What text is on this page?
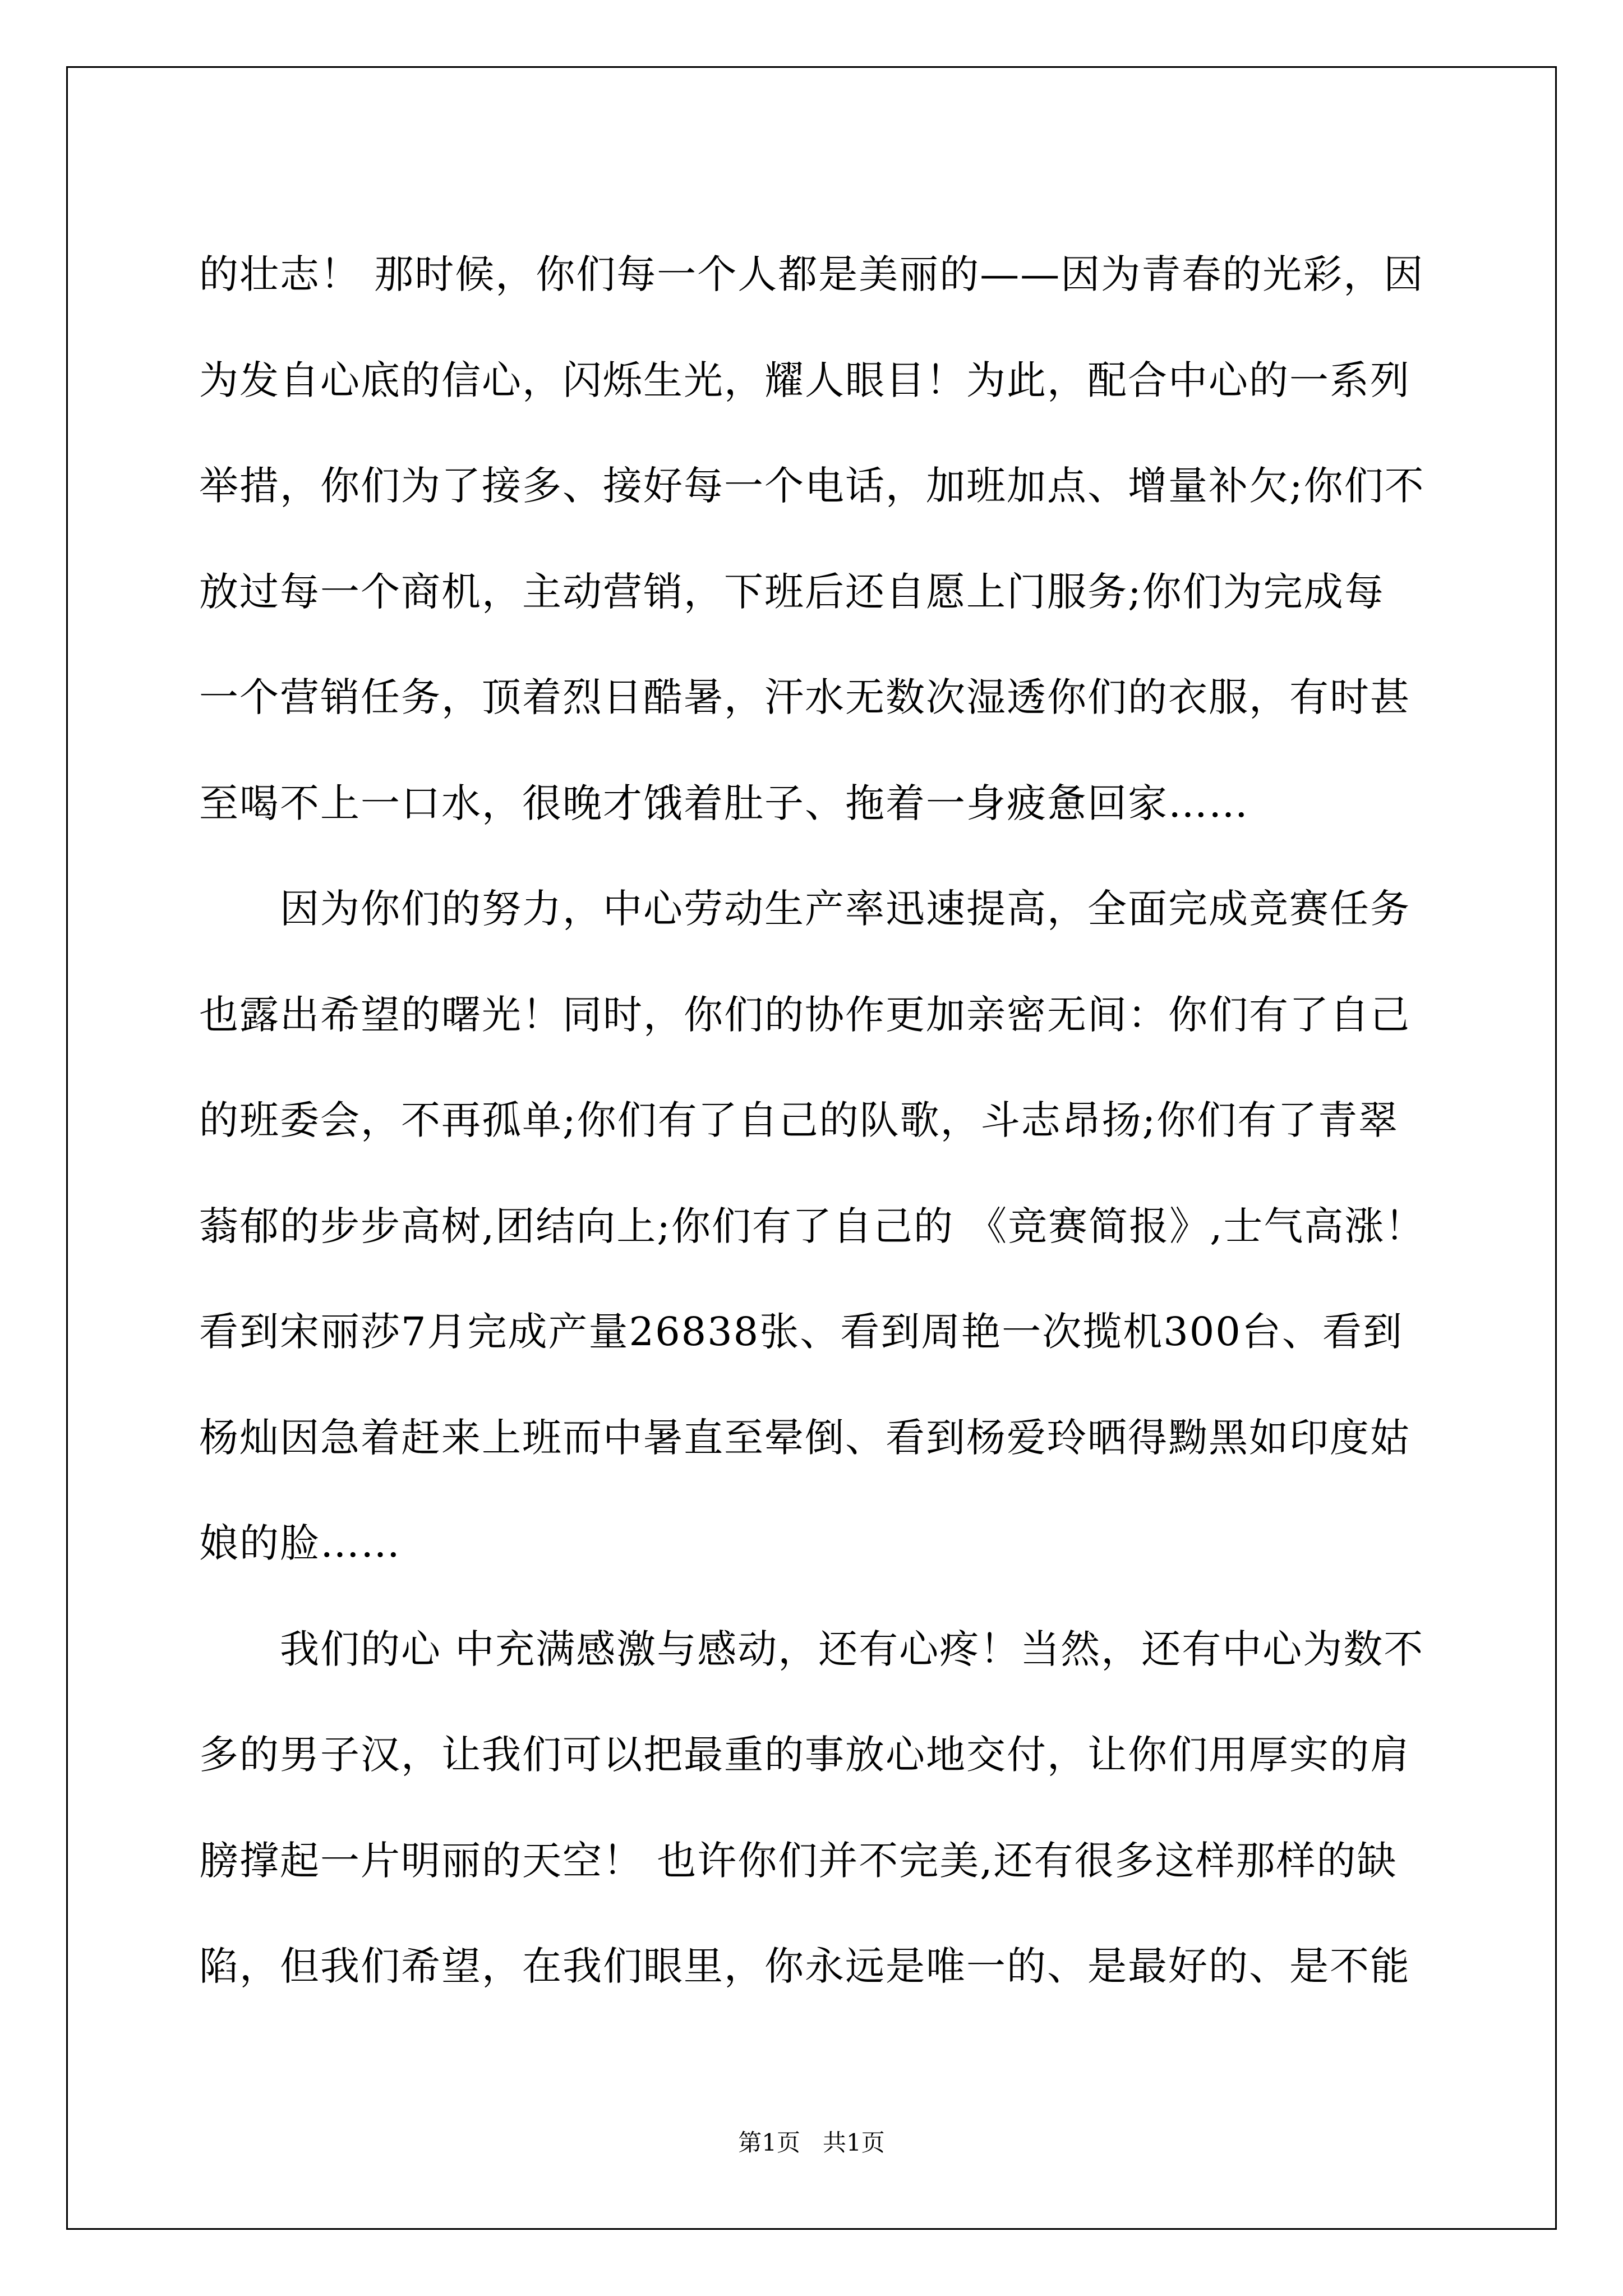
的壮志！ 那时候，你们每一个人都是美丽的——因为青春的光彩，因
为发自心底的信心，闪烁生光，耀人眼目！为此，配合中心的一系列
举措，你们为了接多、接好每一个电话，加班加点、增量补欠;你们不
放过每一个商机，主动营销，下班后还自愿上门服务;你们为完成每
一个营销任务，顶着烈日酷暑，汗水无数次湿透你们的衣服，有时甚
至喝不上一口水，很晚才饿着肚子、拖着一身疲惫回家……
　　因为你们的努力，中心劳动生产率迅速提高，全面完成竞赛任务
也露出希望的曙光！同时，你们的协作更加亲密无间：你们有了自己
的班委会，不再孤单;你们有了自己的队歌，斗志昂扬;你们有了青翠
蓊郁的步步高树,团结向上;你们有了自己的 《竞赛简报》,士气高涨！
看到宋丽莎7月完成产量26838张、看到周艳一次揽机300台、看到
杨灿因急着赶来上班而中暑直至晕倒、看到杨爱玲晒得黝黑如印度姑
娘的脸……
　　我们的心 中充满感激与感动，还有心疼！当然，还有中心为数不
多的男子汉，让我们可以把最重的事放心地交付，让你们用厚实的肩
膀撑起一片明丽的天空！ 也许你们并不完美,还有很多这样那样的缺
陷，但我们希望，在我们眼里，你永远是唯一的、是最好的、是不能
第1页   共1页
